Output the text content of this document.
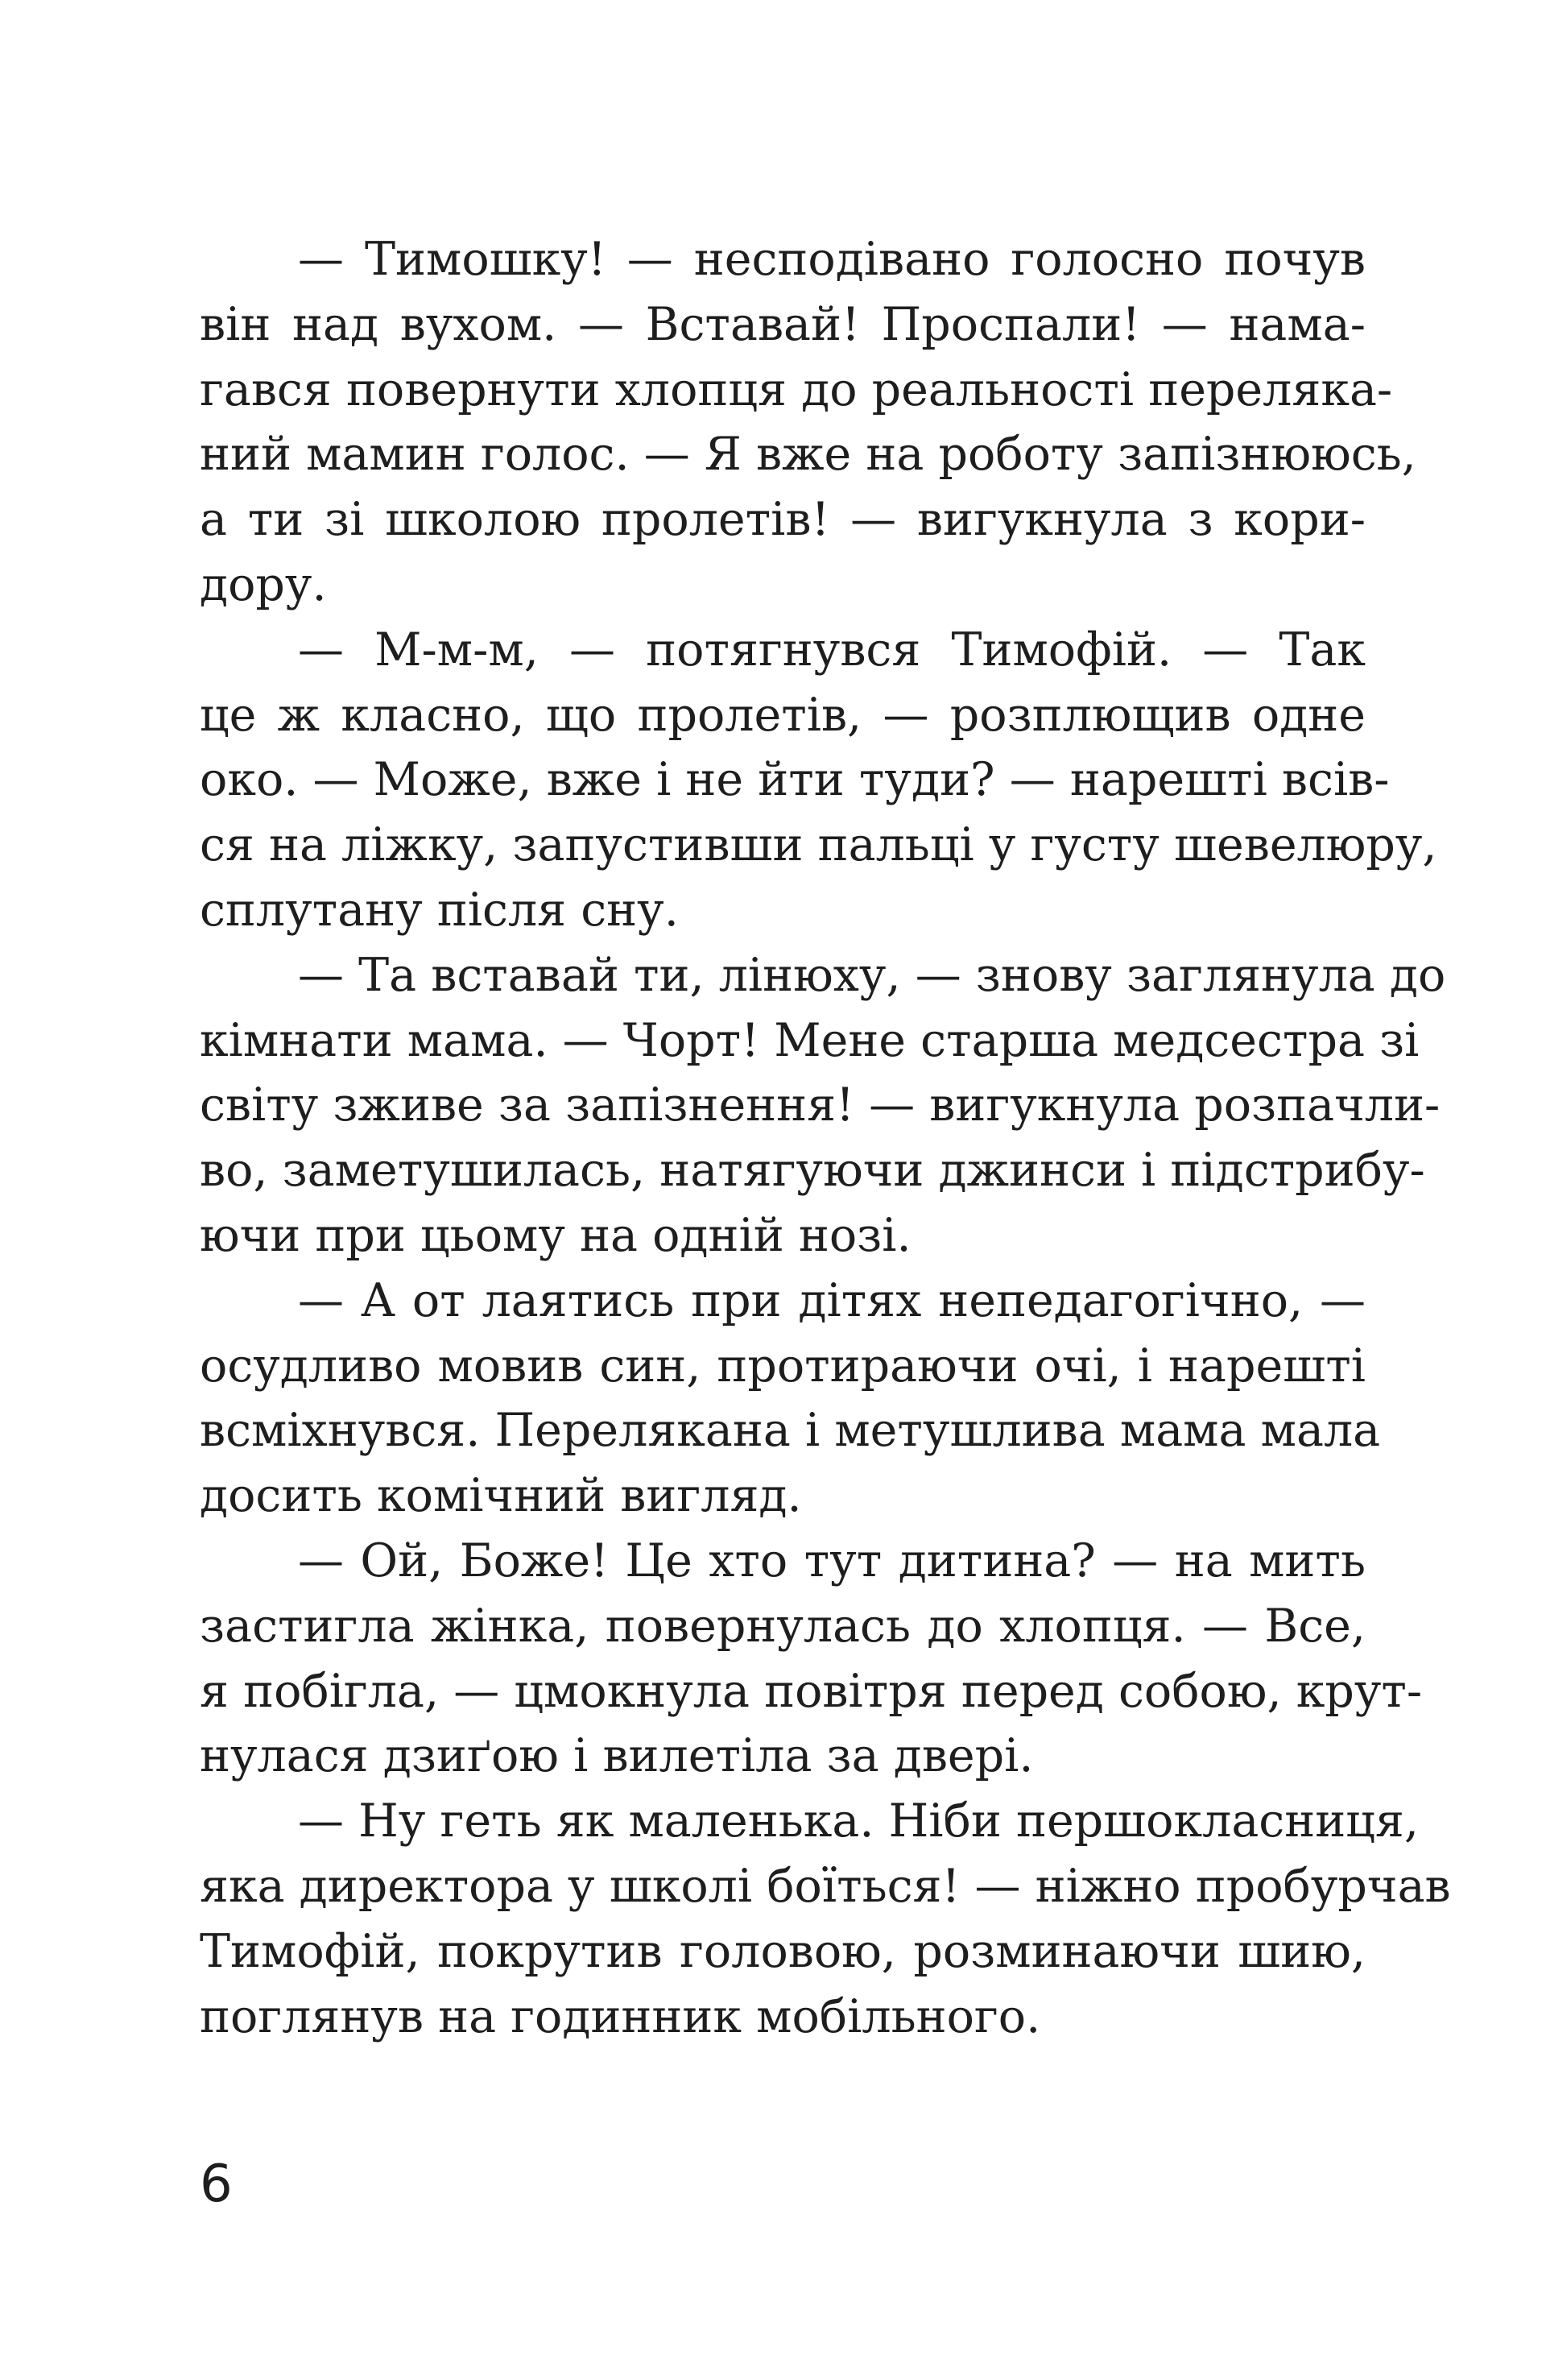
— Тимошку! — несподівано голосно почув
він над вухом. — Вставай! Проспали! — нама-
гався повернути хлопця до реальності переляка-
ний мамин голос. — Я вже на роботу запізнююсь,
а ти зі школою пролетів! — вигукнула з кори-
дору.
— М-м-м, — потягнувся Тимофій. — Так
це ж класно, що пролетів, — розплющив одне
око. — Може, вже і не йти туди? — нарешті всів-
ся на ліжку, запустивши пальці у густу шевелюру,
сплутану після сну.
— Та вставай ти, лінюху, — знову заглянула до
кімнати мама. — Чорт! Мене старша медсестра зі
світу зживе за запізнення! — вигукнула розпачли-
во, заметушилась, натягуючи джинси і підстрибу-
ючи при цьому на одній нозі.
— А от лаятись при дітях непедагогічно, —
осудливо мовив син, протираючи очі, і нарешті
всміхнувся. Перелякана і метушлива мама мала
досить комічний вигляд.
— Ой, Боже! Це хто тут дитина? — на мить
застигла жінка, повернулась до хлопця. — Все,
я побігла, — цмокнула повітря перед собою, крут-
нулася дзиґою і вилетіла за двері.
— Ну геть як маленька. Ніби першокласниця,
яка директора у школі боїться! — ніжно пробурчав
Тимофій, покрутив головою, розминаючи шию,
поглянув на годинник мобільного.
6
